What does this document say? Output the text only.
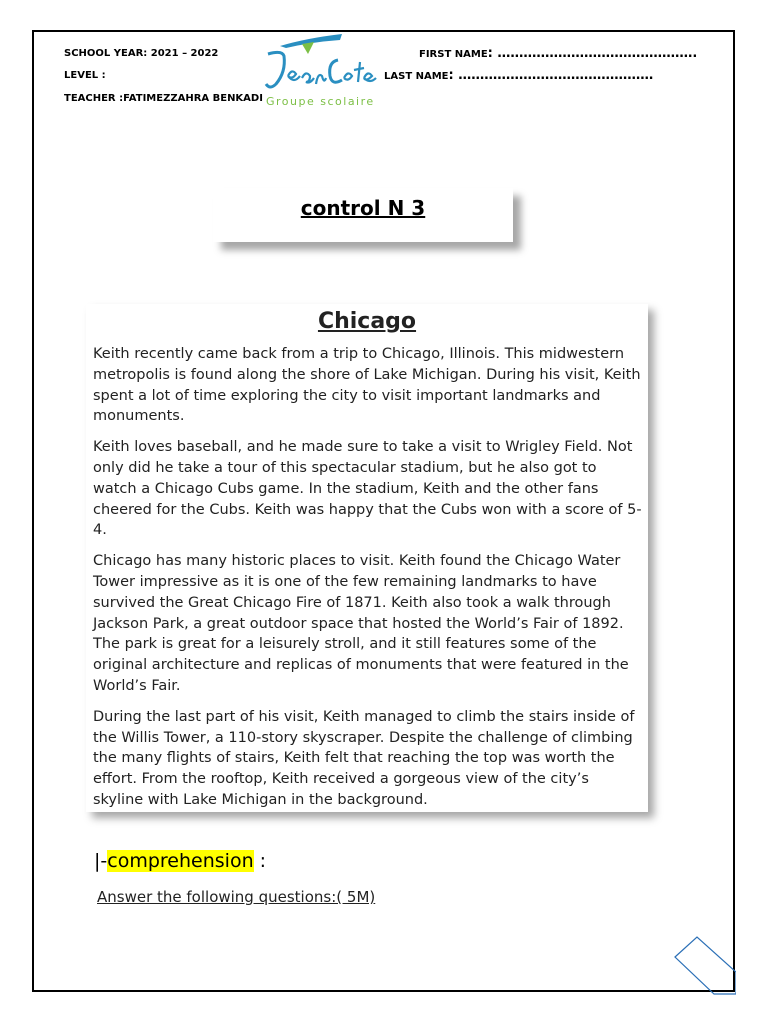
SCHOOL YEAR: 2021 – 2022
LEVEL :
TEACHER :FATIMEZZAHRA BENKADI
FIRST NAME: ……………………………………….
LAST NAME: ………………………………………
Groupe scolaire
control N 3
Chicago

Keith recently came back from a trip to Chicago, Illinois. This midwestern metropolis is found along the shore of Lake Michigan. During his visit, Keith spent a lot of time exploring the city to visit important landmarks and monuments.

Keith loves baseball, and he made sure to take a visit to Wrigley Field. Not only did he take a tour of this spectacular stadium, but he also got to watch a Chicago Cubs game. In the stadium, Keith and the other fans cheered for the Cubs. Keith was happy that the Cubs won with a score of 5-4.

Chicago has many historic places to visit. Keith found the Chicago Water Tower impressive as it is one of the few remaining landmarks to have survived the Great Chicago Fire of 1871. Keith also took a walk through Jackson Park, a great outdoor space that hosted the World’s Fair of 1892. The park is great for a leisurely stroll, and it still features some of the original architecture and replicas of monuments that were featured in the World’s Fair.

During the last part of his visit, Keith managed to climb the stairs inside of the Willis Tower, a 110-story skyscraper. Despite the challenge of climbing the many flights of stairs, Keith felt that reaching the top was worth the effort. From the rooftop, Keith received a gorgeous view of the city’s skyline with Lake Michigan in the background.

|-comprehension :
Answer the following questions:( 5M)
